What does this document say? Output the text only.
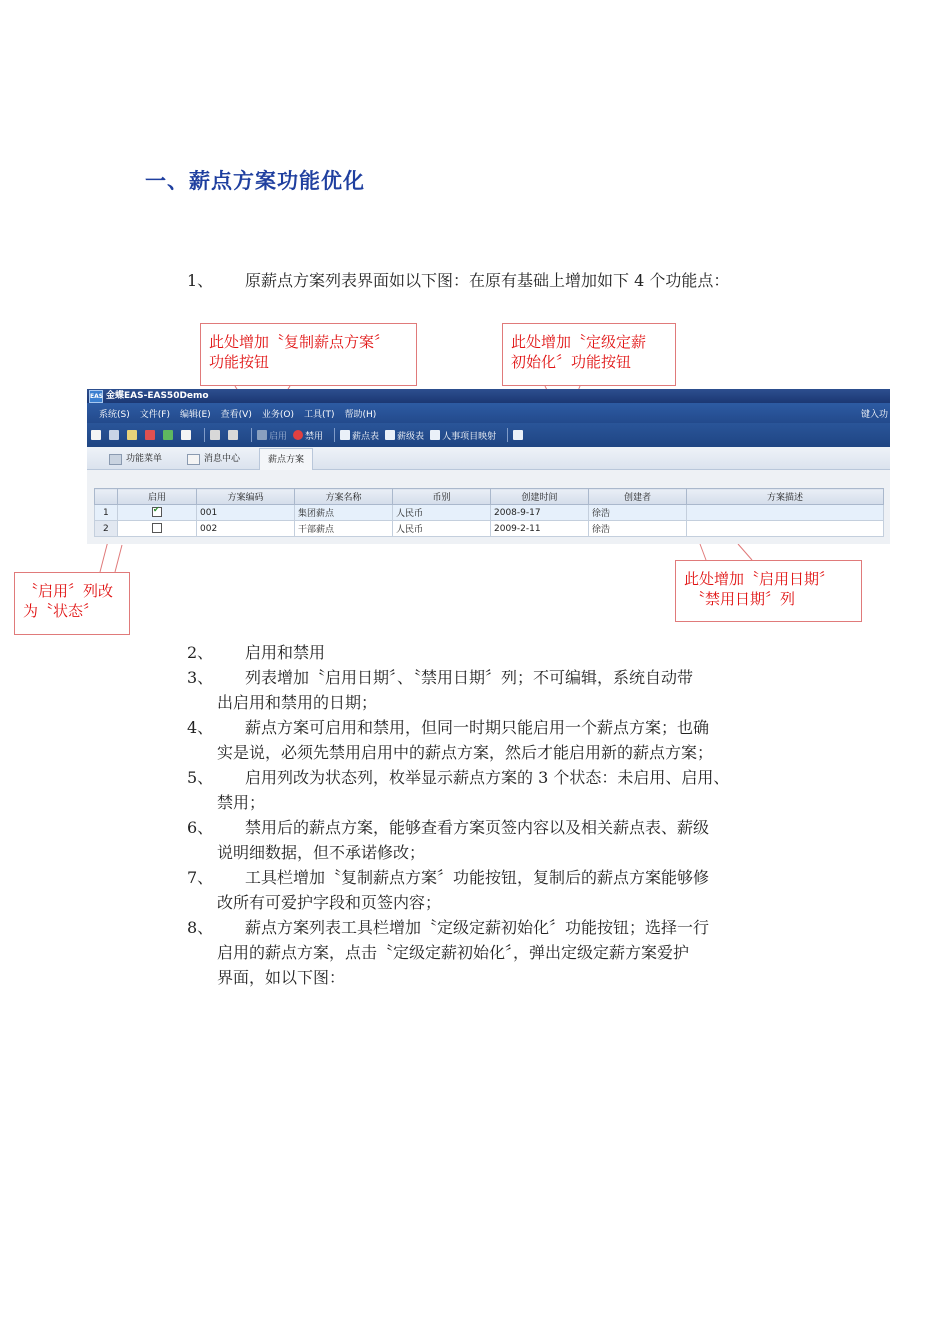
一、薪点方案功能优化
1、 原薪点方案列表界面如以下图：在原有基础上增加如下 4 个功能点：
此处增加〝复制薪点方案〞
功能按钮
此处增加〝定级定薪
初始化〞功能按钮
〝启用〞列改
为〝状态〞
此处增加〝启用日期〞
〝禁用日期〞列
EAS 金蝶EAS-EAS50Demo
系统(S) 文件(F) 编辑(E) 查看(V) 业务(O) 工具(T) 帮助(H)	键入功
启用 禁用	薪点表 薪级表 人事项目映射
功能菜单	消息中心	薪点方案
	启用	方案编码	方案名称	币别	创建时间	创建者	方案描述
1	✔	001	集团薪点	人民币	2008-9-17	徐浩	
2		002	干部薪点	人民币	2009-2-11	徐浩	
2、 启用和禁用
3、 列表增加〝启用日期〞、〝禁用日期〞列；不可编辑，系统自动带
出启用和禁用的日期；
4、 薪点方案可启用和禁用，但同一时期只能启用一个薪点方案；也确
实是说，必须先禁用启用中的薪点方案，然后才能启用新的薪点方案；
5、 启用列改为状态列，枚举显示薪点方案的 3 个状态：未启用、启用、
禁用；
6、 禁用后的薪点方案，能够查看方案页签内容以及相关薪点表、薪级
说明细数据，但不承诺修改；
7、 工具栏增加〝复制薪点方案〞功能按钮，复制后的薪点方案能够修
改所有可爱护字段和页签内容；
8、 薪点方案列表工具栏增加〝定级定薪初始化〞功能按钮；选择一行
启用的薪点方案，点击〝定级定薪初始化〞，弹出定级定薪方案爱护
界面，如以下图：
